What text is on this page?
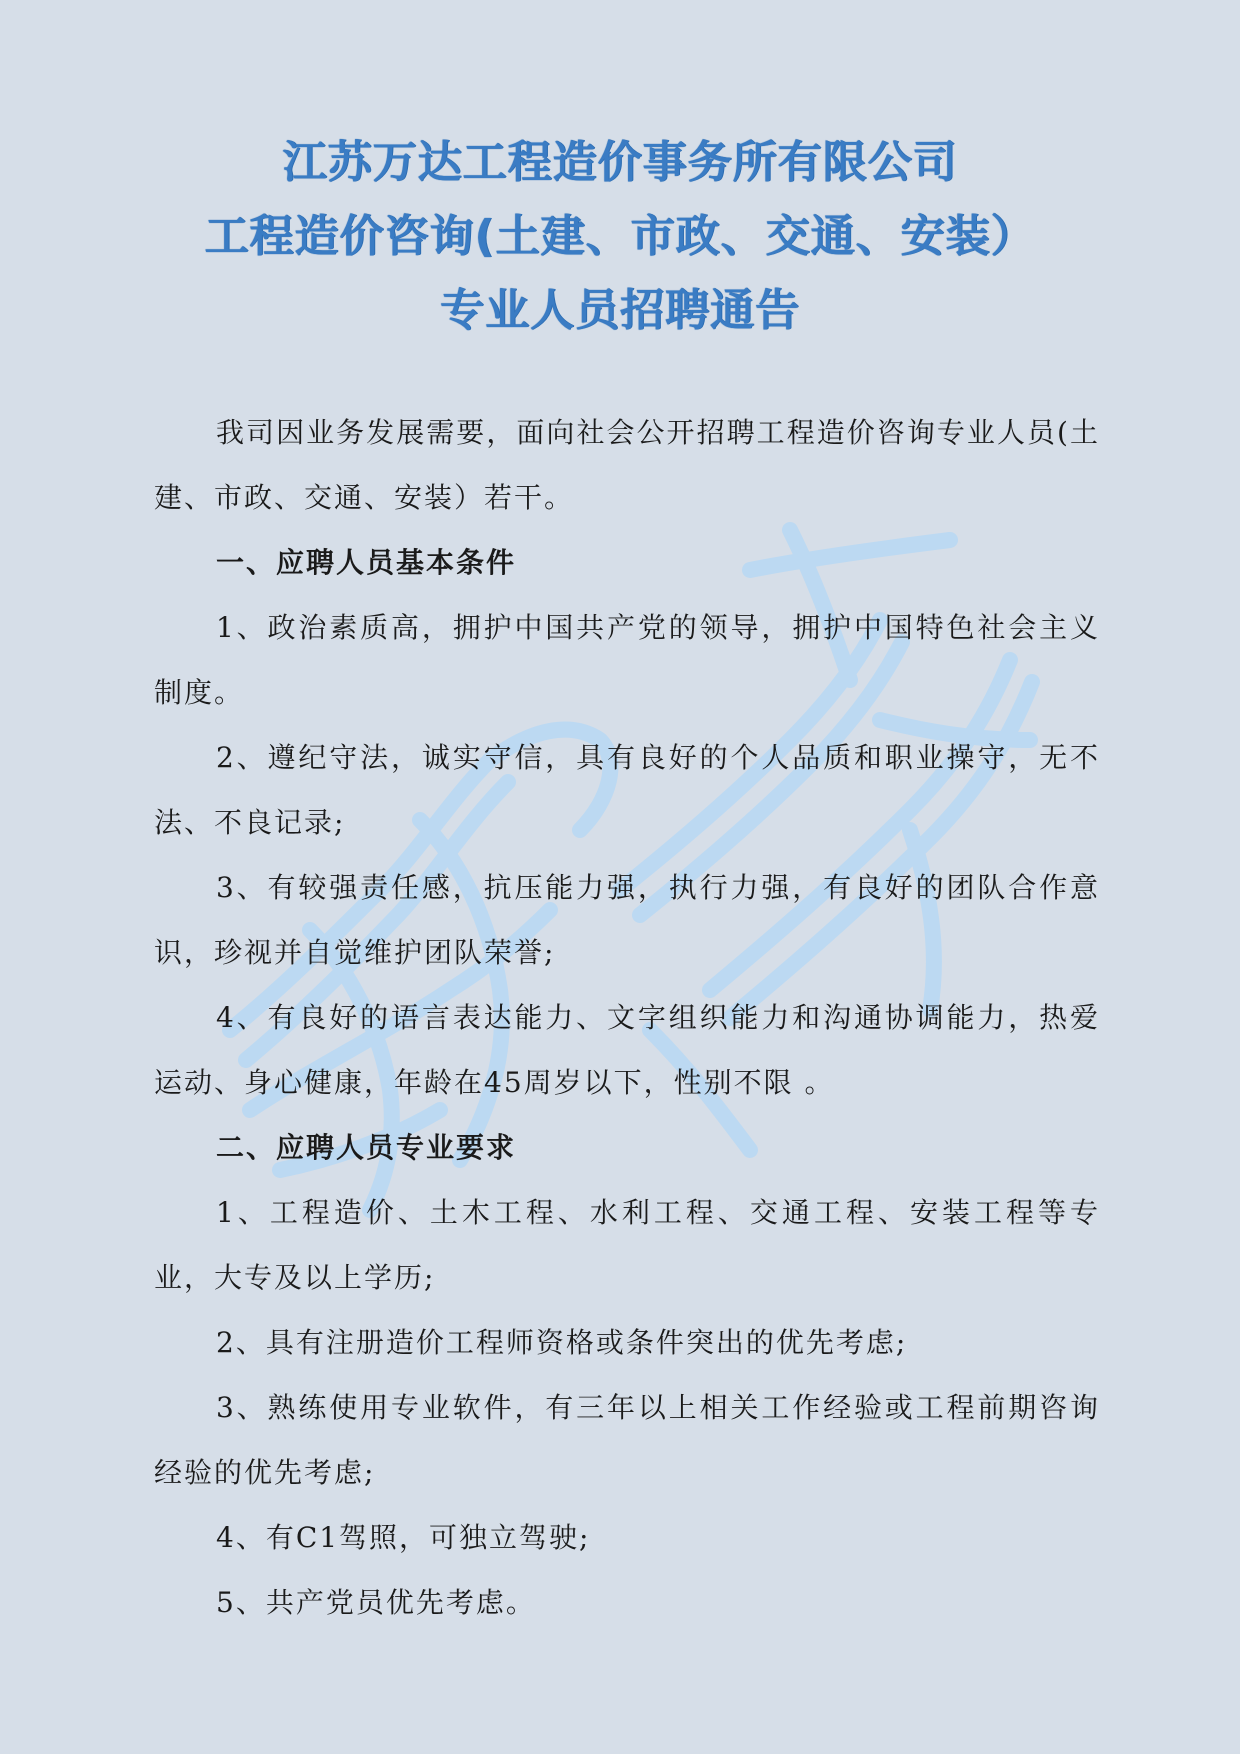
江苏万达工程造价事务所有限公司
工程造价咨询(土建、市政、交通、安装）
专业人员招聘通告

我司因业务发展需要，面向社会公开招聘工程造价咨询专业人员(土建、市政、交通、安装）若干。

一、应聘人员基本条件

1、政治素质高，拥护中国共产党的领导，拥护中国特色社会主义制度。

2、遵纪守法，诚实守信，具有良好的个人品质和职业操守，无不法、不良记录;

3、有较强责任感，抗压能力强，执行力强，有良好的团队合作意识，珍视并自觉维护团队荣誉;

4、有良好的语言表达能力、文字组织能力和沟通协调能力，热爱运动、身心健康，年龄在45周岁以下，性别不限 。

二、应聘人员专业要求

1、工程造价、土木工程、水利工程、交通工程、安装工程等专业，大专及以上学历;

2、具有注册造价工程师资格或条件突出的优先考虑;

3、熟练使用专业软件，有三年以上相关工作经验或工程前期咨询经验的优先考虑;

4、有C1驾照，可独立驾驶;

5、共产党员优先考虑。
